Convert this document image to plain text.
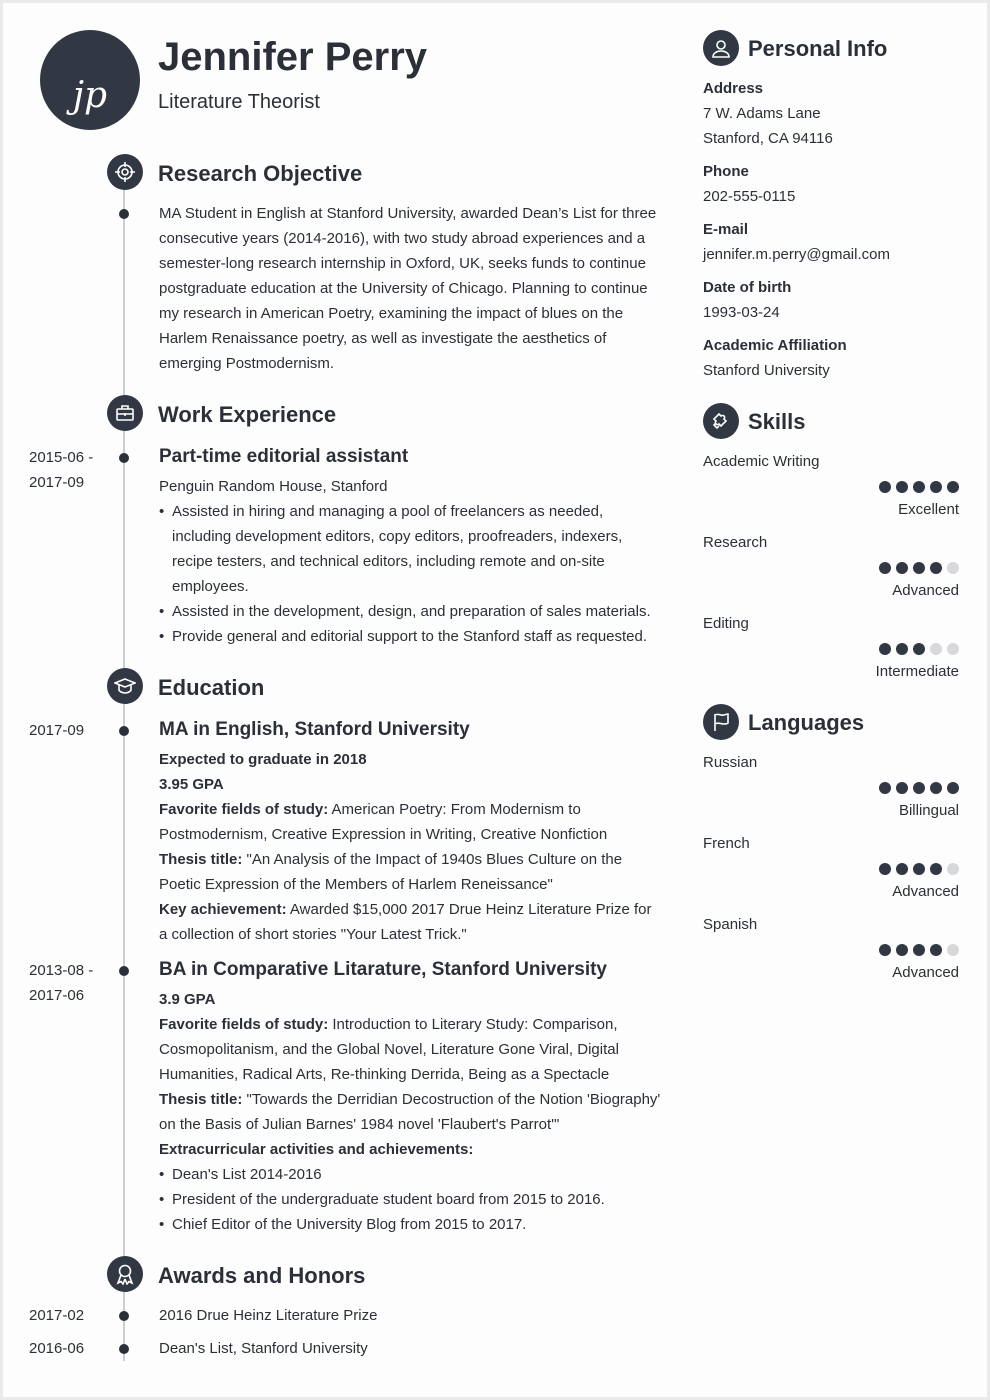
jp
Jennifer Perry
Literature Theorist
Research Objective
MA Student in English at Stanford University, awarded Dean’s List for three consecutive years (2014-2016), with two study abroad experiences and a semester-long research internship in Oxford, UK, seeks funds to continue postgraduate education at the University of Chicago. Planning to continue my research in American Poetry, examining the impact of blues on the Harlem Renaissance poetry, as well as investigate the aesthetics of emerging Postmodernism.
Work Experience
2015-06 - 2017-09
Part-time editorial assistant
Penguin Random House, Stanford
• Assisted in hiring and managing a pool of freelancers as needed, including development editors, copy editors, proofreaders, indexers, recipe testers, and technical editors, including remote and on-site employees.
• Assisted in the development, design, and preparation of sales materials.
• Provide general and editorial support to the Stanford staff as requested.
Education
2017-09	MA in English, Stanford University
Expected to graduate in 2018
3.95 GPA
Favorite fields of study: American Poetry: From Modernism to Postmodernism, Creative Expression in Writing, Creative Nonfiction
Thesis title: "An Analysis of the Impact of 1940s Blues Culture on the Poetic Expression of the Members of Harlem Reneissance"
Key achievement: Awarded $15,000 2017 Drue Heinz Literature Prize for a collection of short stories "Your Latest Trick."
2013-08 - 2017-06
BA in Comparative Litarature, Stanford University
3.9 GPA
Favorite fields of study: Introduction to Literary Study: Comparison, Cosmopolitanism, and the Global Novel, Literature Gone Viral, Digital Humanities, Radical Arts, Re-thinking Derrida, Being as a Spectacle
Thesis title: "Towards the Derridian Decostruction of the Notion 'Biography' on the Basis of Julian Barnes' 1984 novel 'Flaubert's Parrot'"
Extracurricular activities and achievements:
• Dean's List 2014-2016
• President of the undergraduate student board from 2015 to 2016.
• Chief Editor of the University Blog from 2015 to 2017.
Awards and Honors
2017-02	2016 Drue Heinz Literature Prize
2016-06	Dean's List, Stanford University
Personal Info
Address
7 W. Adams Lane
Stanford, CA 94116
Phone
202-555-0115
E-mail
jennifer.m.perry@gmail.com
Date of birth
1993-03-24
Academic Affiliation
Stanford University
Skills
Academic Writing
Excellent
Research
Advanced
Editing
Intermediate
Languages
Russian
Billingual
French
Advanced
Spanish
Advanced
